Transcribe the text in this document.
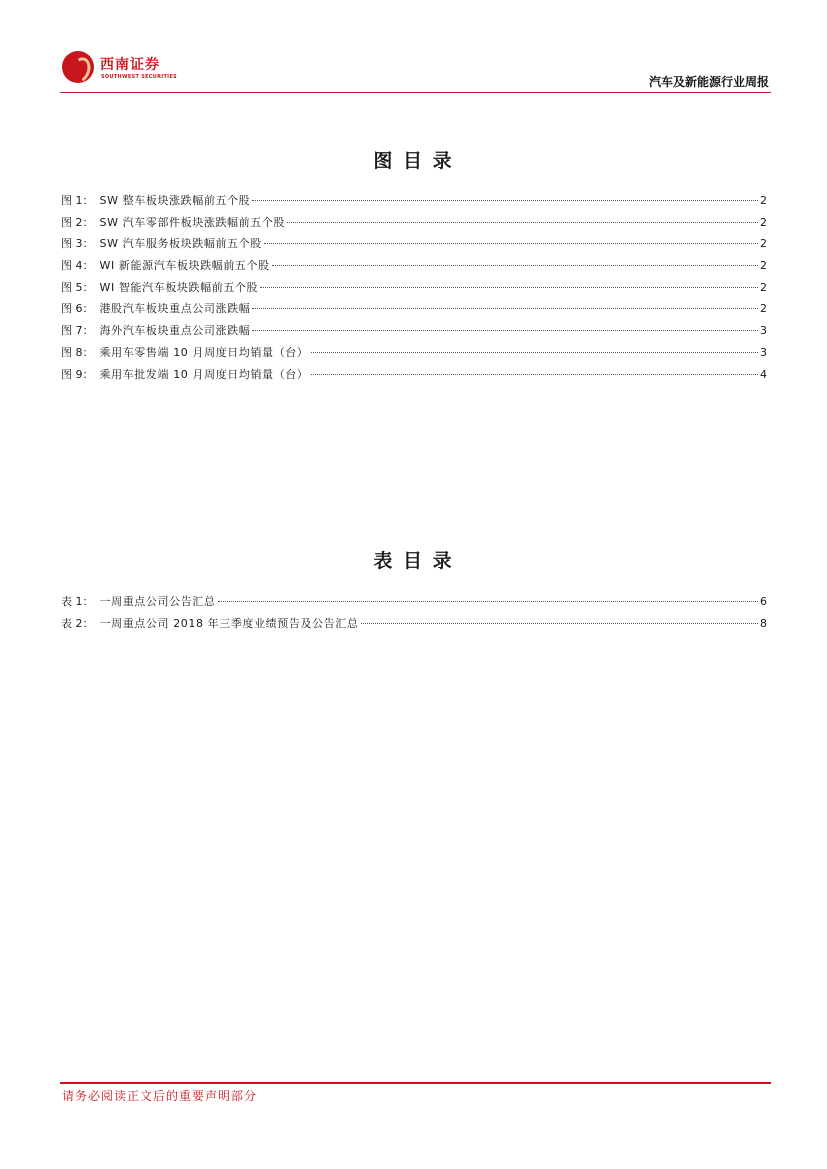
西南证券
SOUTHWEST SECURITIES	汽车及新能源行业周报
图 目 录
图 1： SW 整车板块涨跌幅前五个股	2
图 2： SW 汽车零部件板块涨跌幅前五个股	2
图 3： SW 汽车服务板块跌幅前五个股	2
图 4： WI 新能源汽车板块跌幅前五个股	2
图 5： WI 智能汽车板块跌幅前五个股	2
图 6： 港股汽车板块重点公司涨跌幅	2
图 7： 海外汽车板块重点公司涨跌幅	3
图 8： 乘用车零售端 10 月周度日均销量（台）	3
图 9： 乘用车批发端 10 月周度日均销量（台）	4
表 目 录
表 1： 一周重点公司公告汇总	6
表 2： 一周重点公司 2018 年三季度业绩预告及公告汇总	8
请务必阅读正文后的重要声明部分
